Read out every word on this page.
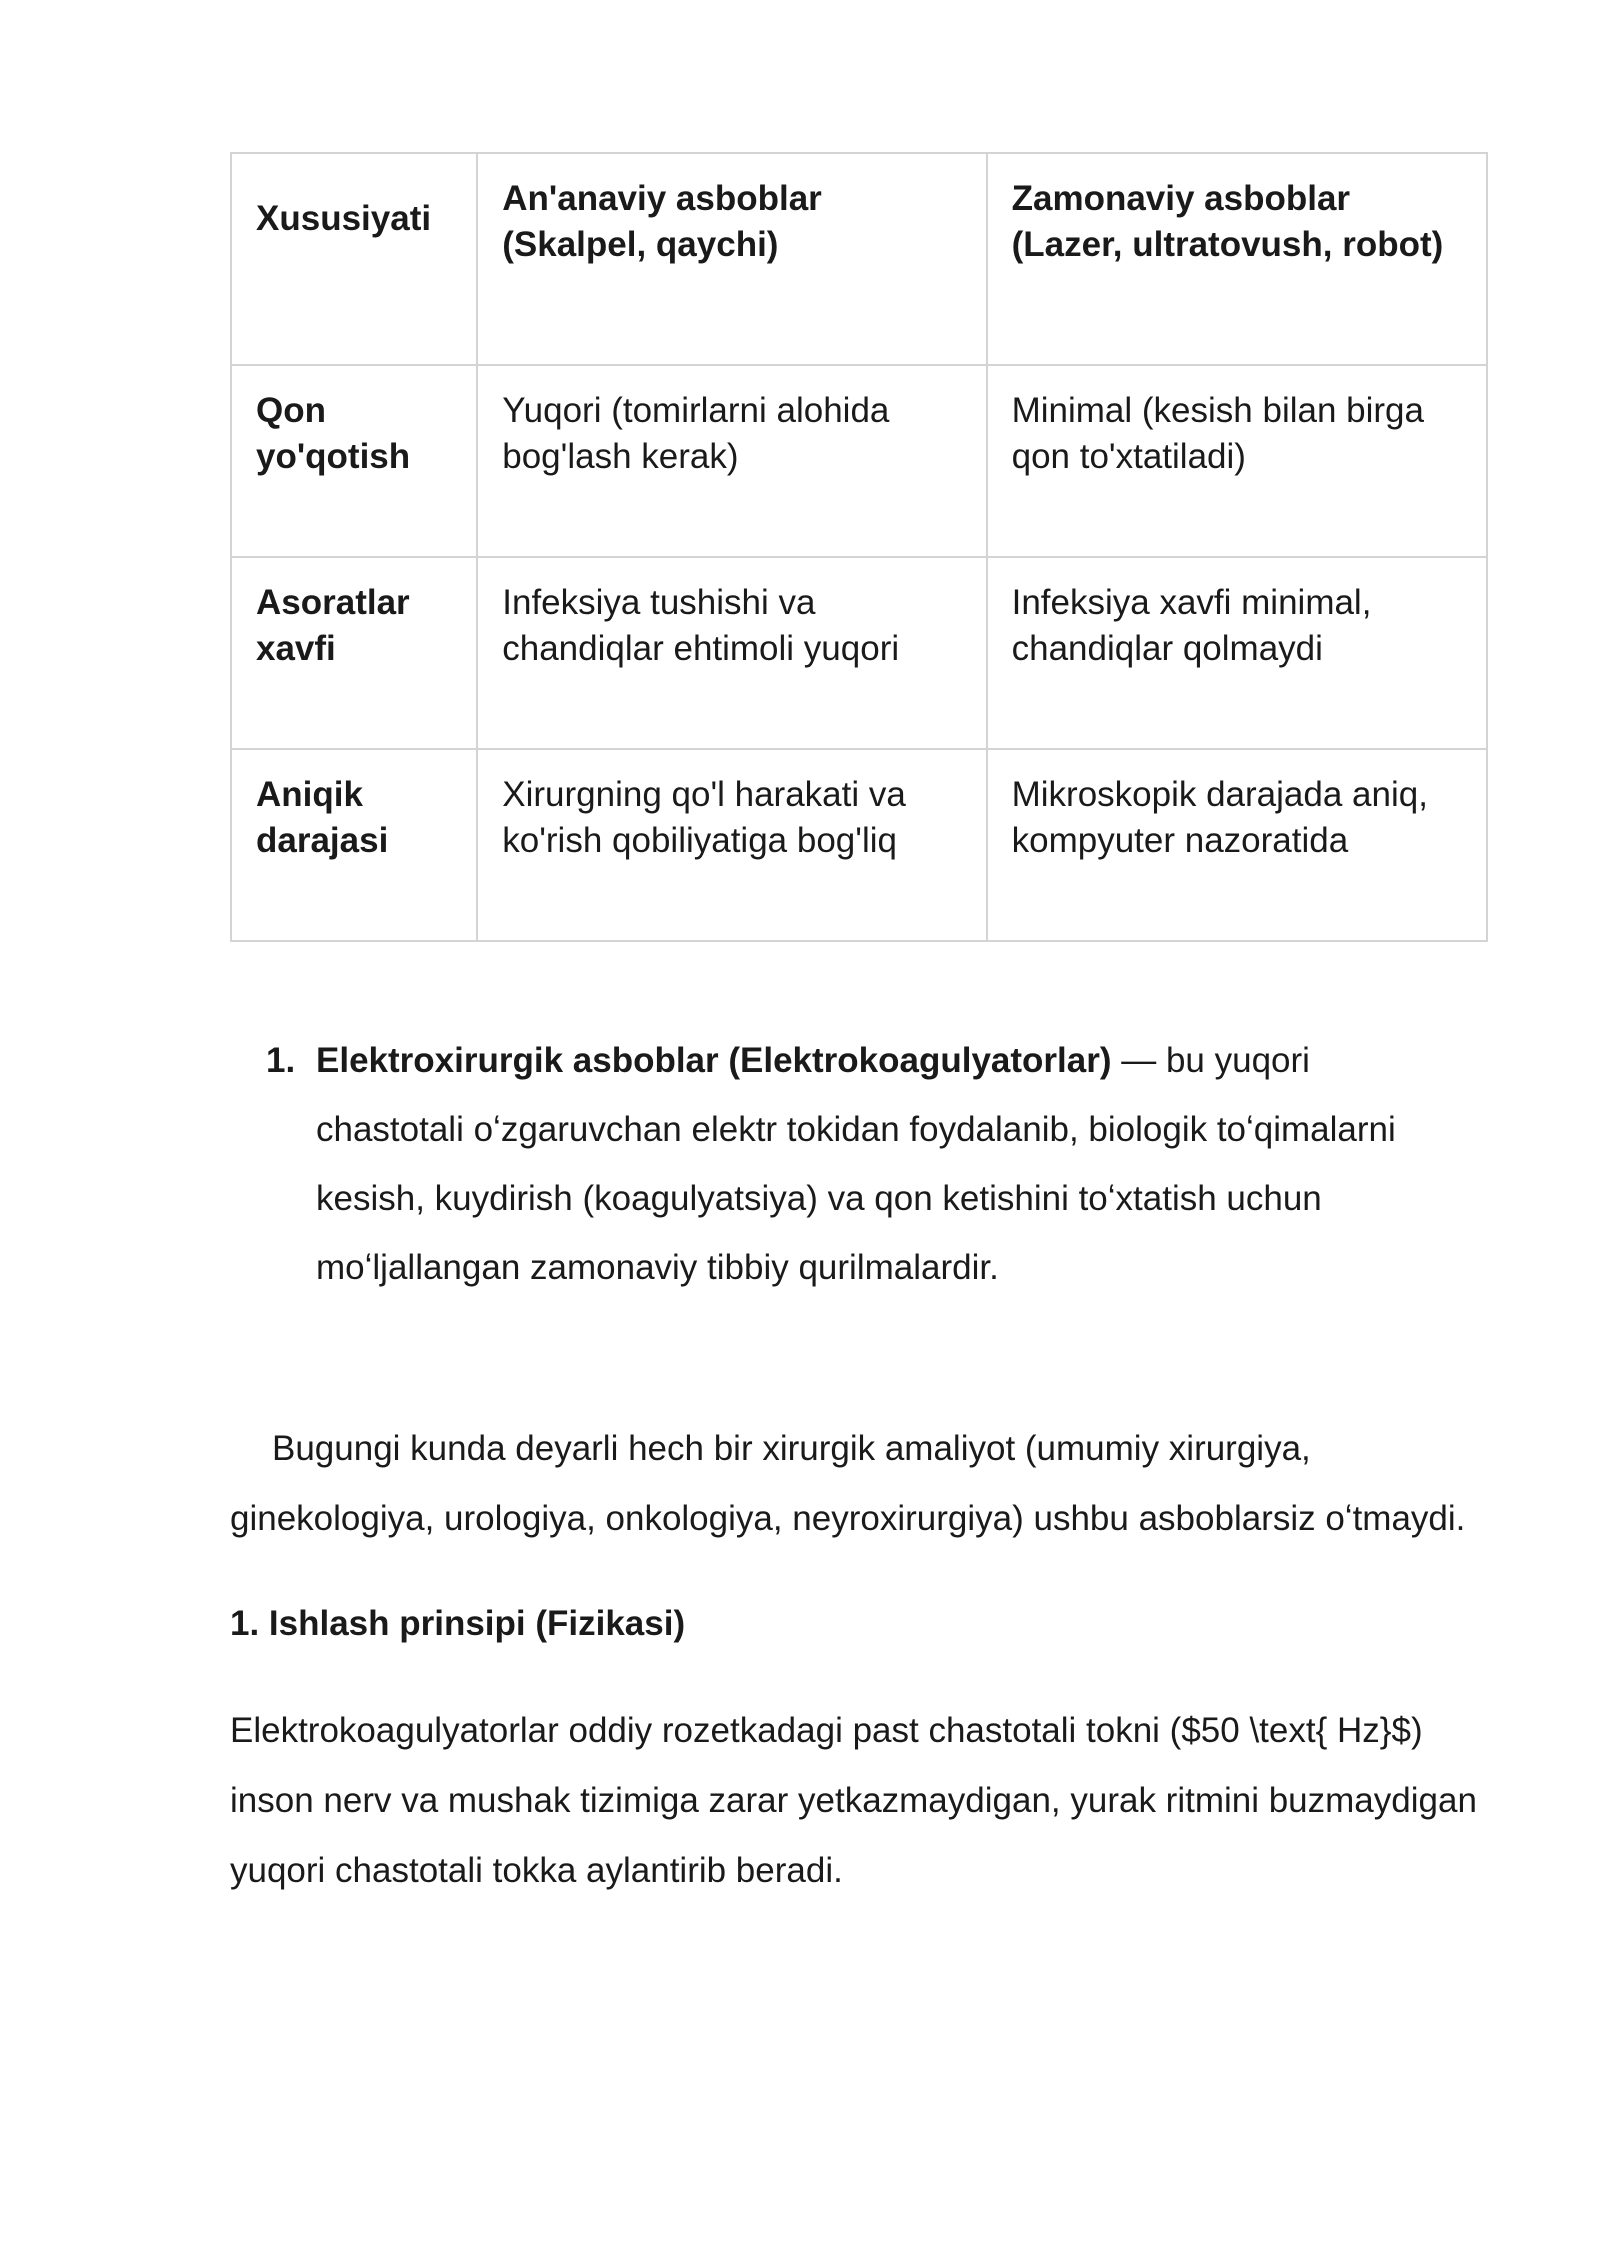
Xususiyati	An'anaviy asboblar (Skalpel, qaychi)	Zamonaviy asboblar (Lazer, ultratovush, robot)
Qon yo'qotish	Yuqori (tomirlarni alohida bog'lash kerak)	Minimal (kesish bilan birga qon to'xtatiladi)
Asoratlar xavfi	Infeksiya tushishi va chandiqlar ehtimoli yuqori	Infeksiya xavfi minimal, chandiqlar qolmaydi
Aniqik darajasi	Xirurgning qo'l harakati va ko'rish qobiliyatiga bog'liq	Mikroskopik darajada aniq, kompyuter nazoratida
1. Elektroxirurgik asboblar (Elektrokoagulyatorlar) — bu yuqori chastotali oʻzgaruvchan elektr tokidan foydalanib, biologik toʻqimalarni kesish, kuydirish (koagulyatsiya) va qon ketishini toʻxtatish uchun moʻljallangan zamonaviy tibbiy qurilmalardir.
Bugungi kunda deyarli hech bir xirurgik amaliyot (umumiy xirurgiya, ginekologiya, urologiya, onkologiya, neyroxirurgiya) ushbu asboblarsiz oʻtmaydi.
1. Ishlash prinsipi (Fizikasi)
Elektrokoagulyatorlar oddiy rozetkadagi past chastotali tokni ($50 \text{ Hz}$) inson nerv va mushak tizimiga zarar yetkazmaydigan, yurak ritmini buzmaydigan yuqori chastotali tokka aylantirib beradi.
